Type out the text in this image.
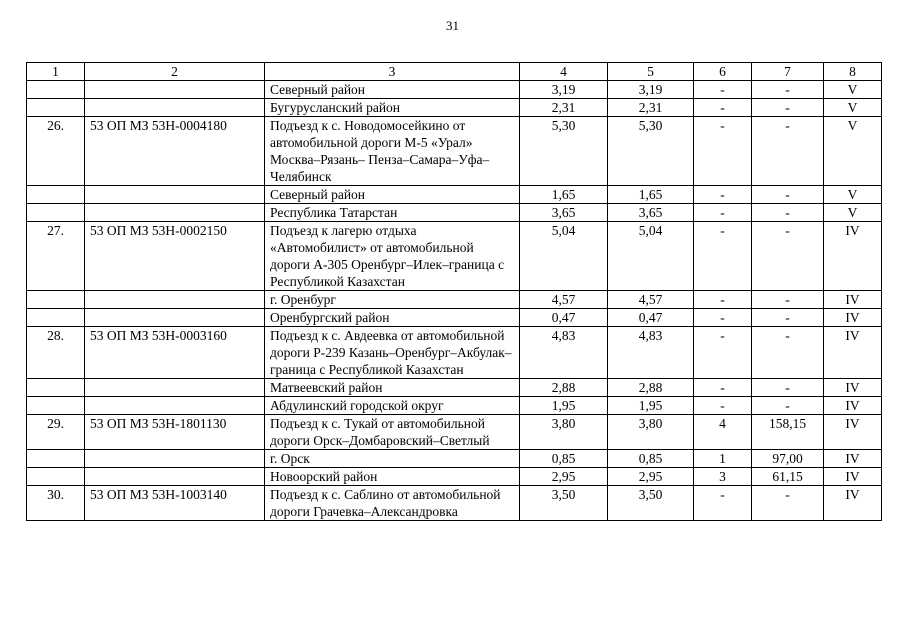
31
1	2	3	4	5	6	7	8
		Северный район	3,19	3,19	-	-	V
		Бугурусланский район	2,31	2,31	-	-	V
26.	53 ОП МЗ 53Н-0004180	Подъезд к с. Новодомосейкино от автомобильной дороги М-5 «Урал» Москва–Рязань– Пенза–Самара–Уфа–Челябинск	5,30	5,30	-	-	V
		Северный район	1,65	1,65	-	-	V
		Республика Татарстан	3,65	3,65	-	-	V
27.	53 ОП МЗ 53Н-0002150	Подъезд к лагерю отдыха «Автомобилист» от автомобильной дороги А-305 Оренбург–Илек–граница с Республикой Казахстан	5,04	5,04	-	-	IV
		г. Оренбург	4,57	4,57	-	-	IV
		Оренбургский район	0,47	0,47	-	-	IV
28.	53 ОП МЗ 53Н-0003160	Подъезд к с. Авдеевка от автомобильной дороги Р-239 Казань–Оренбург–Акбулак–граница с Республикой Казахстан	4,83	4,83	-	-	IV
		Матвеевский район	2,88	2,88	-	-	IV
		Абдулинский городской округ	1,95	1,95	-	-	IV
29.	53 ОП МЗ 53Н-1801130	Подъезд к с. Тукай от автомобильной дороги Орск–Домбаровский–Светлый	3,80	3,80	4	158,15	IV
		г. Орск	0,85	0,85	1	97,00	IV
		Новоорский район	2,95	2,95	3	61,15	IV
30.	53 ОП МЗ 53Н-1003140	Подъезд к с. Саблино от автомобильной дороги Грачевка–Александровка	3,50	3,50	-	-	IV
